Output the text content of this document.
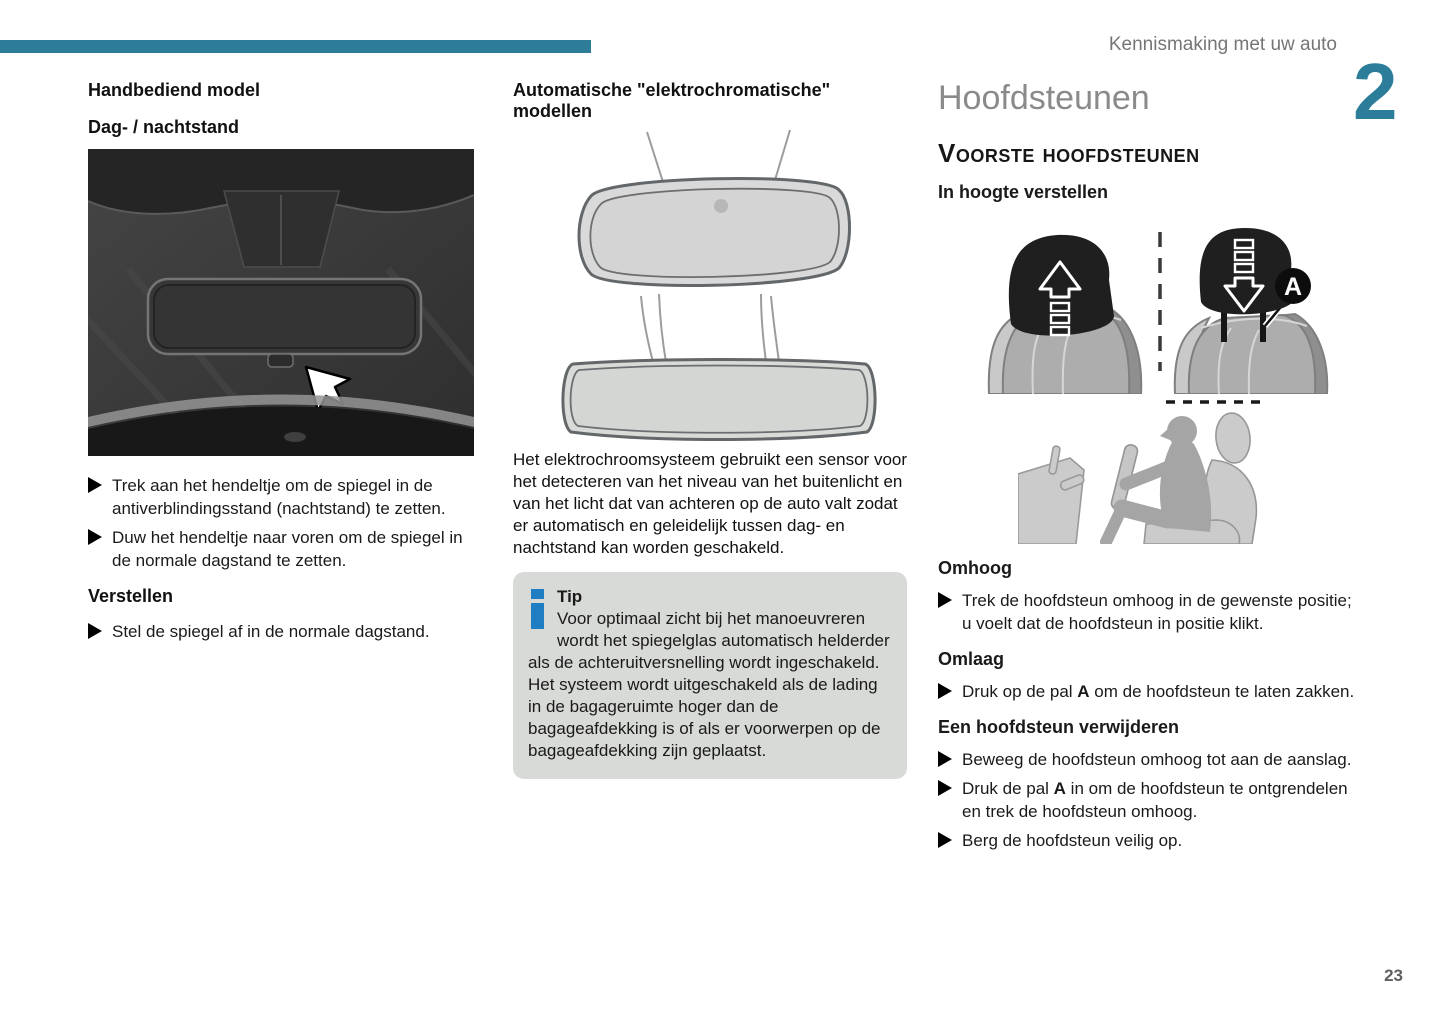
Kennismaking met uw auto
2
23
Handbediend model
Dag- / nachtstand
Trek aan het hendeltje om de spiegel in de antiverblindingsstand (nachtstand) te zetten.
Duw het hendeltje naar voren om de spiegel in de normale dagstand te zetten.
Verstellen
Stel de spiegel af in de normale dagstand.
Automatische "elektrochromatische" modellen

Het elektrochroomsysteem gebruikt een sensor voor het detecteren van het niveau van het buitenlicht en van het licht dat van achteren op de auto valt zodat er automatisch en geleidelijk tussen dag- en nachtstand kan worden geschakeld.

Tip
Voor optimaal zicht bij het manoeuvreren wordt het spiegelglas automatisch helderder als de achteruitversnelling wordt ingeschakeld.
Het systeem wordt uitgeschakeld als de lading in de bagageruimte hoger dan de bagageafdekking is of als er voorwerpen op de bagageafdekking zijn geplaatst.
Hoofdsteunen
Voorste hoofdsteunen
In hoogte verstellen
A
Omhoog
Trek de hoofdsteun omhoog in de gewenste positie; u voelt dat de hoofdsteun in positie klikt.
Omlaag
Druk op de pal A om de hoofdsteun te laten zakken.
Een hoofdsteun verwijderen
Beweeg de hoofdsteun omhoog tot aan de aanslag.
Druk de pal A in om de hoofdsteun te ontgrendelen en trek de hoofdsteun omhoog.
Berg de hoofdsteun veilig op.
